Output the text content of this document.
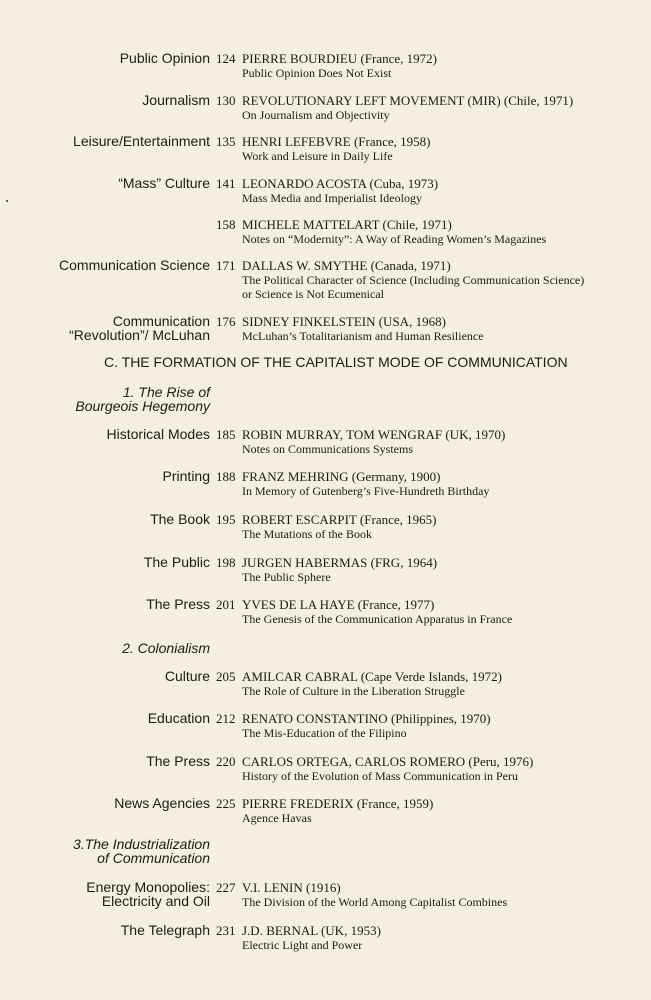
Public Opinion 124 PIERRE BOURDIEU (France, 1972)
Public Opinion Does Not Exist
Journalism 130 REVOLUTIONARY LEFT MOVEMENT (MIR) (Chile, 1971)
On Journalism and Objectivity
Leisure/Entertainment 135 HENRI LEFEBVRE (France, 1958)
Work and Leisure in Daily Life
“Mass” Culture 141 LEONARDO ACOSTA (Cuba, 1973)
Mass Media and Imperialist Ideology
158 MICHELE MATTELART (Chile, 1971)
Notes on “Modernity”: A Way of Reading Women’s Magazines
Communication Science 171 DALLAS W. SMYTHE (Canada, 1971)
The Political Character of Science (Including Communication Science)
or Science is Not Ecumenical
Communication
“Revolution”/ McLuhan
176 SIDNEY FINKELSTEIN (USA, 1968)
McLuhan’s Totalitarianism and Human Resilience
C. THE FORMATION OF THE CAPITALIST MODE OF COMMUNICATION
1. The Rise of
Bourgeois Hegemony
Historical Modes 185 ROBIN MURRAY, TOM WENGRAF (UK, 1970)
Notes on Communications Systems
Printing 188 FRANZ MEHRING (Germany, 1900)
In Memory of Gutenberg’s Five-Hundreth Birthday
The Book 195 ROBERT ESCARPIT (France, 1965)
The Mutations of the Book
The Public 198 JURGEN HABERMAS (FRG, 1964)
The Public Sphere
The Press 201 YVES DE LA HAYE (France, 1977)
The Genesis of the Communication Apparatus in France
2. Colonialism
Culture 205 AMILCAR CABRAL (Cape Verde Islands, 1972)
The Role of Culture in the Liberation Struggle
Education 212 RENATO CONSTANTINO (Philippines, 1970)
The Mis-Education of the Filipino
The Press 220 CARLOS ORTEGA, CARLOS ROMERO (Peru, 1976)
History of the Evolution of Mass Communication in Peru
News Agencies 225 PIERRE FREDERIX (France, 1959)
Agence Havas
3.The Industrialization
of Communication
Energy Monopolies:
Electricity and Oil
227 V.I. LENIN (1916)
The Division of the World Among Capitalist Combines
The Telegraph 231 J.D. BERNAL (UK, 1953)
Electric Light and Power
